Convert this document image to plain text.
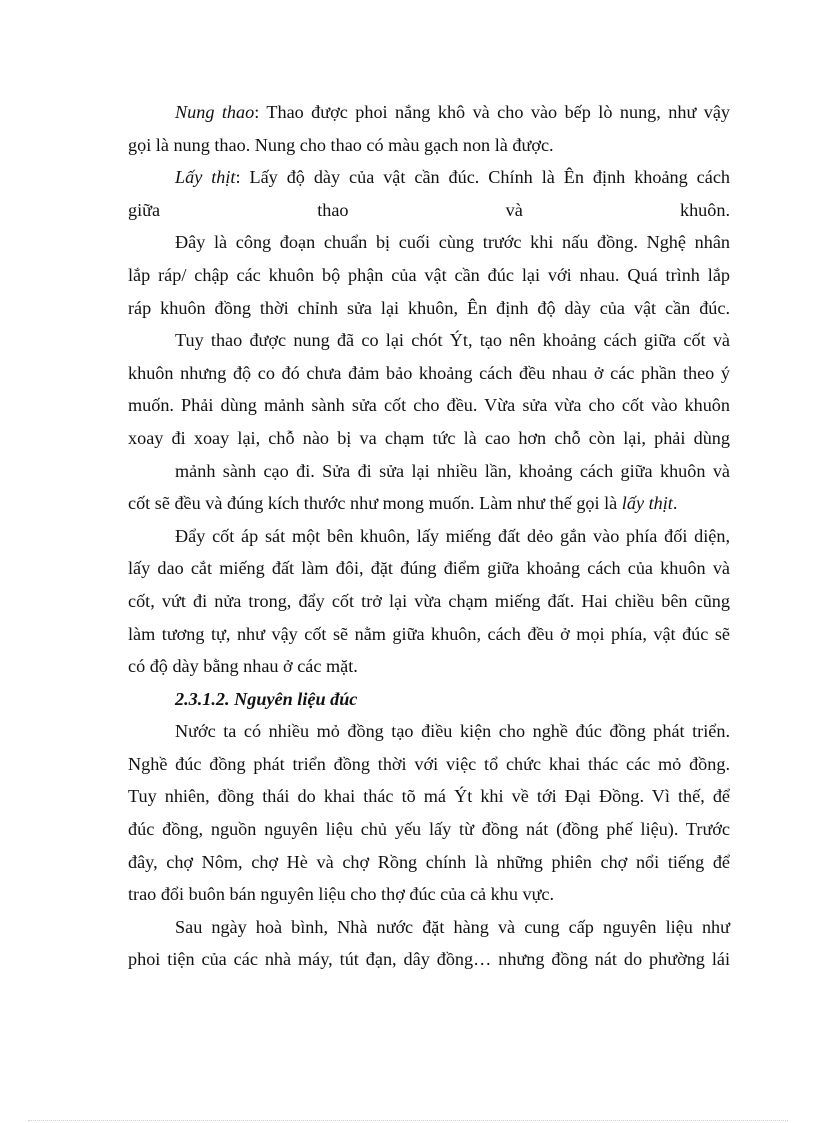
Nung thao: Thao được phoi nắng khô và cho vào bếp lò nung, như vậy
gọi là nung thao. Nung cho thao có màu gạch non là được.
Lấy thịt: Lấy độ dày của vật cần đúc. Chính là Ên định khoảng cách
giữa thao và khuôn.
Đây là công đoạn chuẩn bị cuối cùng trước khi nấu đồng. Nghệ nhân
lắp ráp/ chập các khuôn bộ phận của vật cần đúc lại với nhau. Quá trình lắp
ráp khuôn đồng thời chỉnh sửa lại khuôn, Ên định độ dày của vật cần đúc.
Tuy thao được nung đã co lại chót Ýt, tạo nên khoảng cách giữa cốt và
khuôn nhưng độ co đó chưa đảm bảo khoảng cách đều nhau ở các phần theo ý
muốn. Phải dùng mảnh sành sửa cốt cho đều. Vừa sửa vừa cho cốt vào khuôn
xoay đi xoay lại, chỗ nào bị va chạm tức là cao hơn chỗ còn lại, phải dùng
mảnh sành cạo đi. Sửa đi sửa lại nhiều lần, khoảng cách giữa khuôn và
cốt sẽ đều và đúng kích thước như mong muốn. Làm như thế gọi là lấy thịt.
Đẩy cốt áp sát một bên khuôn, lấy miếng đất dẻo gắn vào phía đối diện,
lấy dao cắt miếng đất làm đôi, đặt đúng điểm giữa khoảng cách của khuôn và
cốt, vứt đi nửa trong, đẩy cốt trở lại vừa chạm miếng đất. Hai chiều bên cũng
làm tương tự, như vậy cốt sẽ nằm giữa khuôn, cách đều ở mọi phía, vật đúc sẽ
có độ dày bằng nhau ở các mặt.
2.3.1.2. Nguyên liệu đúc
Nước ta có nhiều mỏ đồng tạo điều kiện cho nghề đúc đồng phát triển.
Nghề đúc đồng phát triển đồng thời với việc tổ chức khai thác các mỏ đồng.
Tuy nhiên, đồng thái do khai thác tõ má Ýt khi về tới Đại Đồng. Vì thế, để
đúc đồng, nguồn nguyên liệu chủ yếu lấy từ đồng nát (đồng phế liệu). Trước
đây, chợ Nôm, chợ Hè và chợ Rồng chính là những phiên chợ nổi tiếng để
trao đổi buôn bán nguyên liệu cho thợ đúc của cả khu vực.
Sau ngày hoà bình, Nhà nước đặt hàng và cung cấp nguyên liệu như
phoi tiện của các nhà máy, tút đạn, dây đồng… nhưng đồng nát do phường lái
